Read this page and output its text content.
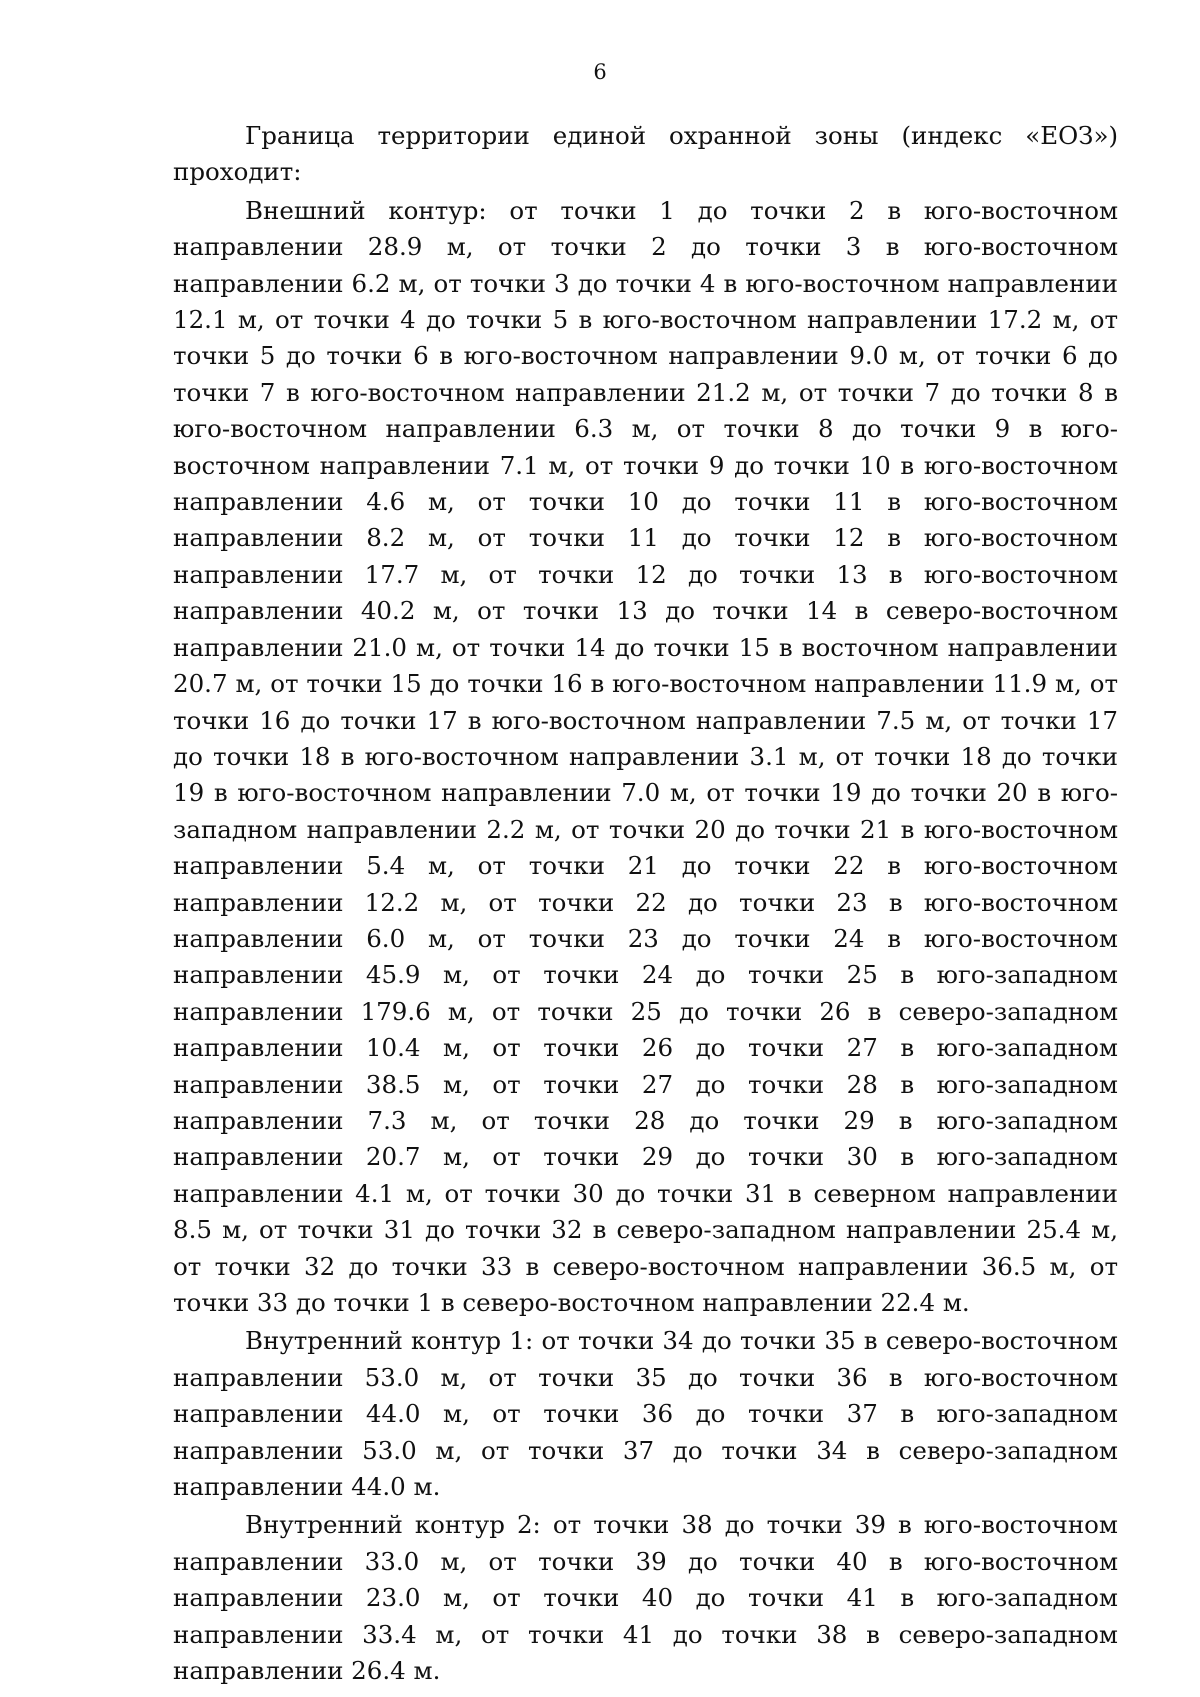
6

Граница территории единой охранной зоны (индекс «ЕОЗ») проходит:

Внешний контур: от точки 1 до точки 2 в юго-восточном направлении 28.9 м, от точки 2 до точки 3 в юго-восточном направлении 6.2 м, от точки 3 до точки 4 в юго-восточном направлении 12.1 м, от точки 4 до точки 5 в юго-восточном направлении 17.2 м, от точки 5 до точки 6 в юго-восточном направлении 9.0 м, от точки 6 до точки 7 в юго-восточном направлении 21.2 м, от точки 7 до точки 8 в юго-восточном направлении 6.3 м, от точки 8 до точки 9 в юго-восточном направлении 7.1 м, от точки 9 до точки 10 в юго-восточном направлении 4.6 м, от точки 10 до точки 11 в юго-восточном направлении 8.2 м, от точки 11 до точки 12 в юго-восточном направлении 17.7 м, от точки 12 до точки 13 в юго-восточном направлении 40.2 м, от точки 13 до точки 14 в северо-восточном направлении 21.0 м, от точки 14 до точки 15 в восточном направлении 20.7 м, от точки 15 до точки 16 в юго-восточном направлении 11.9 м, от точки 16 до точки 17 в юго-восточном направлении 7.5 м, от точки 17 до точки 18 в юго-восточном направлении 3.1 м, от точки 18 до точки 19 в юго-восточном направлении 7.0 м, от точки 19 до точки 20 в юго-западном направлении 2.2 м, от точки 20 до точки 21 в юго-восточном направлении 5.4 м, от точки 21 до точки 22 в юго-восточном направлении 12.2 м, от точки 22 до точки 23 в юго-восточном направлении 6.0 м, от точки 23 до точки 24 в юго-восточном направлении 45.9 м, от точки 24 до точки 25 в юго-западном направлении 179.6 м, от точки 25 до точки 26 в северо-западном направлении 10.4 м, от точки 26 до точки 27 в юго-западном направлении 38.5 м, от точки 27 до точки 28 в юго-западном направлении 7.3 м, от точки 28 до точки 29 в юго-западном направлении 20.7 м, от точки 29 до точки 30 в юго-западном направлении 4.1 м, от точки 30 до точки 31 в северном направлении 8.5 м, от точки 31 до точки 32 в северо-западном направлении 25.4 м, от точки 32 до точки 33 в северо-восточном направлении 36.5 м, от точки 33 до точки 1 в северо-восточном направлении 22.4 м.

Внутренний контур 1: от точки 34 до точки 35 в северо-восточном направлении 53.0 м, от точки 35 до точки 36 в юго-восточном направлении 44.0 м, от точки 36 до точки 37 в юго-западном направлении 53.0 м, от точки 37 до точки 34 в северо-западном направлении 44.0 м.

Внутренний контур 2: от точки 38 до точки 39 в юго-восточном направлении 33.0 м, от точки 39 до точки 40 в юго-восточном направлении 23.0 м, от точки 40 до точки 41 в юго-западном направлении 33.4 м, от точки 41 до точки 38 в северо-западном направлении 26.4 м.
